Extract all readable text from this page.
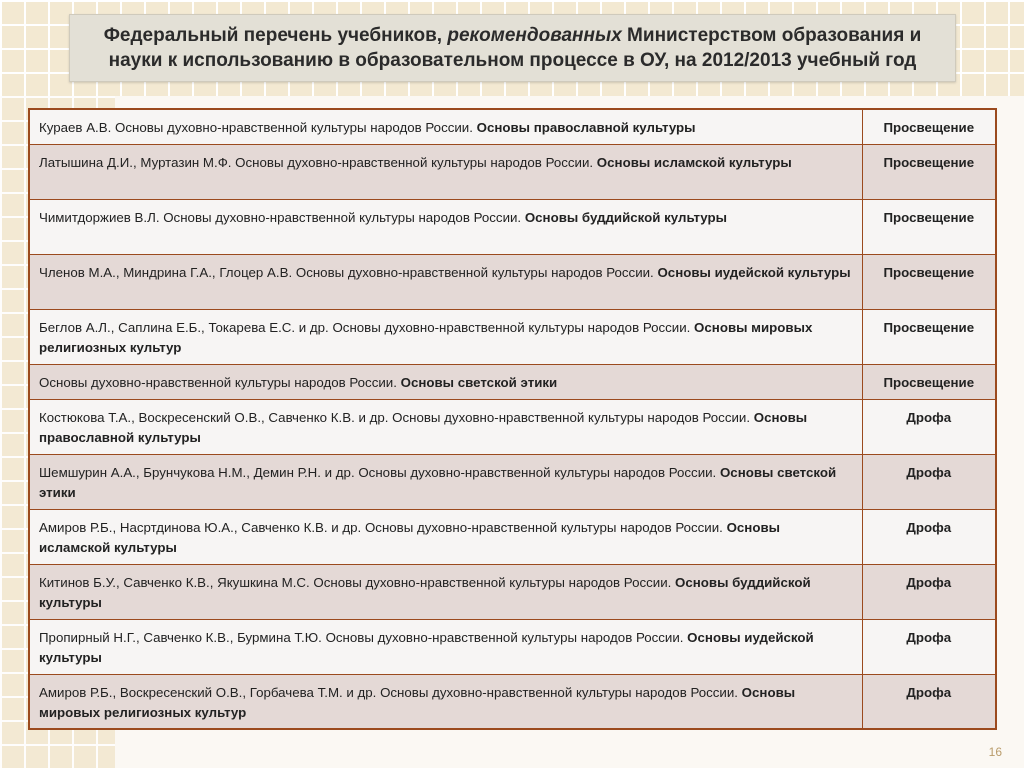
Федеральный перечень учебников, рекомендованных Министерством образования и науки к использованию в образовательном процессе в ОУ, на 2012/2013 учебный год
Кураев А.В. Основы духовно-нравственной культуры народов России. Основы православной культуры	Просвещение
Латышина Д.И., Муртазин М.Ф. Основы духовно-нравственной культуры народов России. Основы исламской культуры	Просвещение
Чимитдоржиев В.Л. Основы духовно-нравственной культуры народов России. Основы буддийской культуры	Просвещение
Членов М.А., Миндрина Г.А., Глоцер А.В. Основы духовно-нравственной культуры народов России. Основы иудейской культуры	Просвещение
Беглов А.Л., Саплина Е.Б., Токарева Е.С. и др. Основы духовно-нравственной культуры народов России. Основы мировых религиозных культур	Просвещение
Основы духовно-нравственной культуры народов России. Основы светской этики	Просвещение
Костюкова Т.А., Воскресенский О.В., Савченко К.В. и др. Основы духовно-нравственной культуры народов России. Основы православной культуры	Дрофа
Шемшурин А.А., Брунчукова Н.М., Демин Р.Н. и др. Основы духовно-нравственной культуры народов России. Основы светской этики	Дрофа
Амиров Р.Б., Насртдинова Ю.А., Савченко К.В. и др. Основы духовно-нравственной культуры народов России. Основы исламской культуры	Дрофа
Китинов Б.У., Савченко К.В., Якушкина М.С. Основы духовно-нравственной культуры народов России. Основы буддийской культуры	Дрофа
Пропирный Н.Г., Савченко К.В., Бурмина Т.Ю. Основы духовно-нравственной культуры народов России. Основы иудейской культуры	Дрофа
Амиров Р.Б., Воскресенский О.В., Горбачева Т.М. и др. Основы духовно-нравственной культуры народов России. Основы мировых религиозных культур	Дрофа
16
